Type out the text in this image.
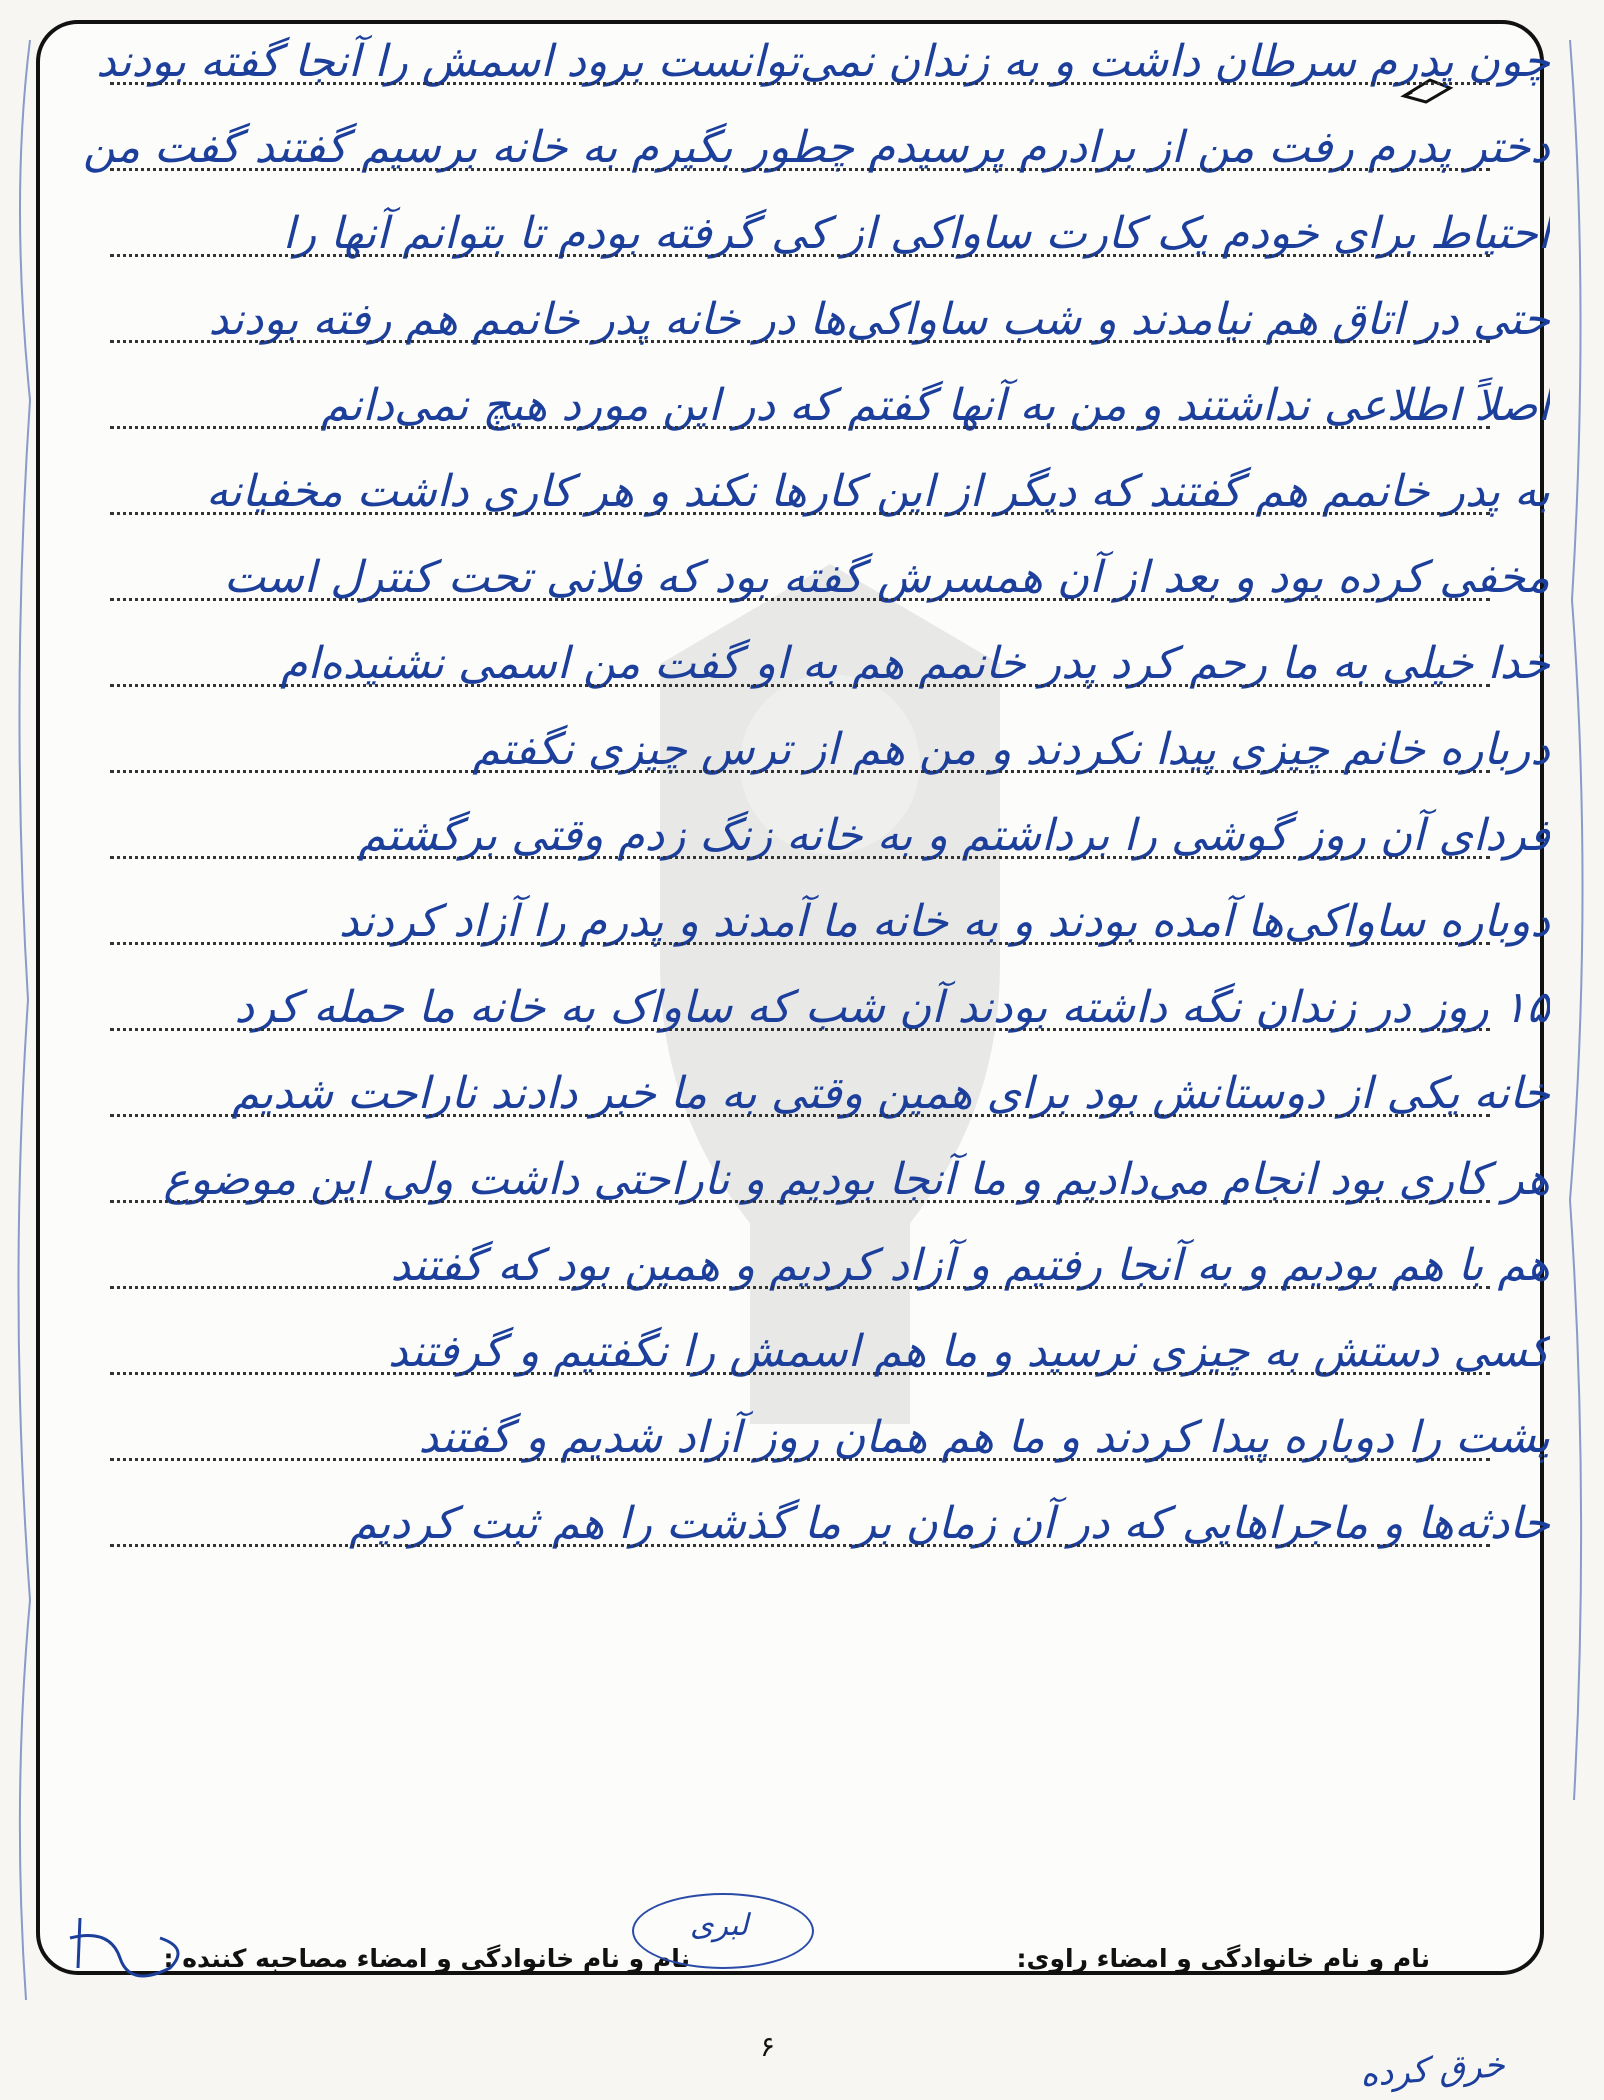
چون پدرم سرطان داشت و به زندان نمی‌توانست برود اسمش را آنجا گفته بودند
دختر پدرم رفت من از برادرم پرسیدم چطور بگیرم به خانه برسیم گفتند گفت من
احتیاط برای خودم یک کارت ساواکی از کی گرفته بودم تا بتوانم آنها را
حتی در اتاق هم نیامدند و شب ساواکی‌ها در خانه پدر خانمم هم رفته بودند
اصلاً اطلاعی نداشتند و من به آنها گفتم که در این مورد هیچ نمی‌دانم
به پدر خانمم هم گفتند که دیگر از این کارها نکند و هر کاری داشت مخفیانه
مخفی کرده بود و بعد از آن همسرش گفته بود که فلانی تحت کنترل است
خدا خیلی به ما رحم کرد پدر خانمم هم به او گفت من اسمی نشنیده‌ام
درباره خانم چیزی پیدا نکردند و من هم از ترس چیزی نگفتم
فردای آن روز گوشی را برداشتم و به خانه زنگ زدم وقتی برگشتم
دوباره ساواکی‌ها آمده بودند و به خانه ما آمدند و پدرم را آزاد کردند
۱۵ روز در زندان نگه داشته بودند آن شب که ساواک به خانه ما حمله کرد
خانه یکی از دوستانش بود برای همین وقتی به ما خبر دادند ناراحت شدیم
هر کاری بود انجام می‌دادیم و ما آنجا بودیم و ناراحتی داشت ولی این موضوع
هم با هم بودیم و به آنجا رفتیم و آزاد کردیم و همین بود که گفتند
کسی دستش به چیزی نرسید و ما هم اسمش را نگفتیم و گرفتند
پشت را دوباره پیدا کردند و ما هم همان روز آزاد شدیم و گفتند
حادثه‌ها و ماجراهایی که در آن زمان بر ما گذشت را هم ثبت کردیم
نام و نام خانوادگی و امضاء راوی:
نام و نام خانوادگی و امضاء مصاحبه کننده :
لبری
۶	خرق کرده
